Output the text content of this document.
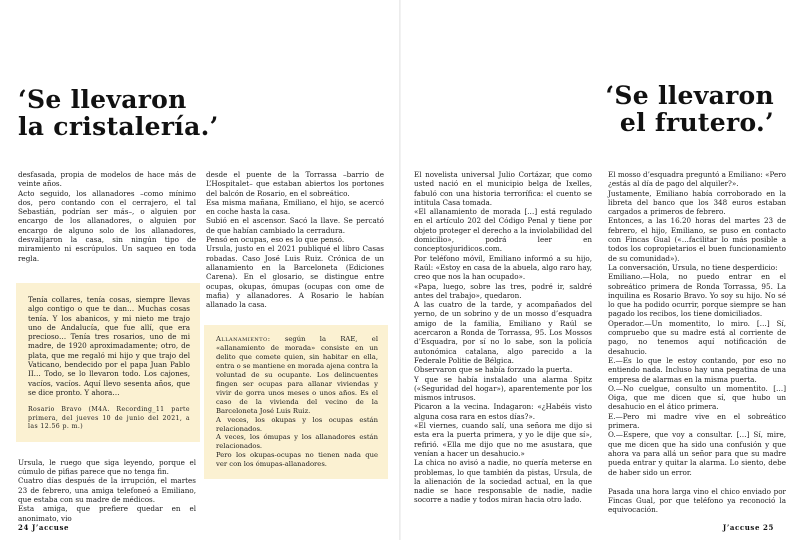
‘Se llevaron
la cristalería.’

desfasada, propia de modelos de hace más de veinte años.

Acto seguido, los allanadores –como mínimo dos, pero contando con el cerrajero, el tal Sebastián, podrían ser más–, o alguien por encargo de los allanadores, o alguien por encargo de alguno solo de los allanadores, desvalijaron la casa, sin ningún tipo de miramiento ni escrúpulos. Un saqueo en toda regla.

Tenía collares, tenía cosas, siempre llevas algo contigo o que te dan… Muchas cosas tenía. Y los abanicos, y mi nieto me trajo uno de Andalucía, que fue allí, que era precioso… Tenía tres rosarios, uno de mi madre, de 1920 aproximadamente; otro, de plata, que me regaló mi hijo y que trajo del Vaticano, bendecido por el papa Juan Pablo II… Todo, se lo llevaron todo. Los cajones, vacíos, vacíos. Aquí llevo sesenta años, que se dice pronto. Y ahora…

Rosario Bravo (M4A. Recording_11 parte primera, del jueves 10 de junio del 2021, a las 12.56 p. m.)

Ursula, le ruego que siga leyendo, porque el cúmulo de pifias parece que no tenga fin.

Cuatro días después de la irrupción, el martes 23 de febrero, una amiga telefoneó a Emiliano, que estaba con su madre de médicos.

Esta amiga, que prefiere quedar en el anonimato, vio

desde el puente de la Torrassa –barrio de L’Hospitalet– que estaban abiertos los portones del balcón de Rosario, en el sobreático.

Esa misma mañana, Emiliano, el hijo, se acercó en coche hasta la casa.

Subió en el ascensor. Sacó la llave. Se percató de que habían cambiado la cerradura.

Pensó en ocupas, eso es lo que pensó.

Ursula, justo en el 2021 publiqué el libro Casas robadas. Caso José Luis Ruiz. Crónica de un allanamiento en la Barceloneta (Ediciones Carena). En el glosario, se distingue entre ocupas, okupas, ómupas (ocupas con ome de mafia) y allanadores. A Rosario le habían allanado la casa.

Allanamiento: según la RAE, el «allanamiento de morada» consiste en un delito que comete quien, sin habitar en ella, entra o se mantiene en morada ajena contra la voluntad de su ocupante. Los delincuentes fingen ser ocupas para allanar viviendas y vivir de gorra unos meses o unos años. Es el caso de la vivienda del vecino de la Barceloneta José Luis Ruiz.

A veces, los okupas y los ocupas están relacionados.

A veces, los ómupas y los allanadores están relacionados.

Pero los okupas-ocupas no tienen nada que ver con los ómupas-allanadores.

24 J’accuse
‘Se llevaron
el frutero.’

El novelista universal Julio Cortázar, que como usted nació en el municipio belga de Ixelles, fabuló con una historia terrorífica: el cuento se intitula Casa tomada.

«El allanamiento de morada […] está regulado en el artículo 202 del Código Penal y tiene por objeto proteger el derecho a la inviolabilidad del domicilio», podrá leer en conceptosjuridicos.com.

Por teléfono móvil, Emiliano informó a su hijo, Raúl: «Estoy en casa de la abuela, algo raro hay, creo que nos la han ocupado».

«Papa, luego, sobre las tres, podré ir, saldré antes del trabajo», quedaron.

A las cuatro de la tarde, y acompañados del yerno, de un sobrino y de un mosso d’esquadra amigo de la familia, Emiliano y Raúl se acercaron a Ronda de Torrassa, 95. Los Mossos d’Esquadra, por sí no lo sabe, son la policía autonómica catalana, algo parecido a la Federale Politie de Bélgica.

Observaron que se había forzado la puerta.

Y que se había instalado una alarma Spitz («Seguridad del hogar»), aparentemente por los mismos intrusos.

Picaron a la vecina. Indagaron: «¿Habéis visto alguna cosa rara en estos días?».

«El viernes, cuando salí, una señora me dijo si esta era la puerta primera, y yo le dije que sí», refirió. «Ella me dijo que no me asustara, que venían a hacer un desahucio.»

La chica no avisó a nadie, no quería meterse en problemas, lo que también da pistas, Ursula, de la alienación de la sociedad actual, en la que nadie se hace responsable de nadie, nadie socorre a nadie y todos miran hacia otro lado.

El mosso d’esquadra preguntó a Emiliano: «Pero ¿estás al día de pago del alquiler?».

Justamente, Emiliano había corroborado en la libreta del banco que los 348 euros estaban cargados a primeros de febrero.

Entonces, a las 16.20 horas del martes 23 de febrero, el hijo, Emiliano, se puso en contacto con Fincas Gual («…facilitar lo más posible a todos los copropietarios el buen funcionamiento de su comunidad»).

La conversación, Ursula, no tiene desperdicio:

Emiliano.—Hola, no puedo entrar en el sobreático primera de Ronda Torrassa, 95. La inquilina es Rosario Bravo. Yo soy su hijo. No sé lo que ha podido ocurrir, porque siempre se han pagado los recibos, los tiene domiciliados.

Operador.—Un momentito, lo miro. […] Sí, compruebo que su madre está al corriente de pago, no tenemos aquí notificación de desahucio.

E.—Es lo que le estoy contando, por eso no entiendo nada. Incluso hay una pegatina de una empresa de alarmas en la misma puerta.

O.—No cuelgue, consulto un momentito. […] Oiga, que me dicen que sí, que hubo un desahucio en el ático primera.

E.—Pero mi madre vive en el sobreático primera.

O.—Espere, que voy a consultar. […] Sí, mire, que me dicen que ha sido una confusión y que ahora va para allá un señor para que su madre pueda entrar y quitar la alarma. Lo siento, debe de haber sido un error.

Pasada una hora larga vino el chico enviado por Fincas Gual, por que teléfono ya reconoció la equivocación.

J’accuse 25
